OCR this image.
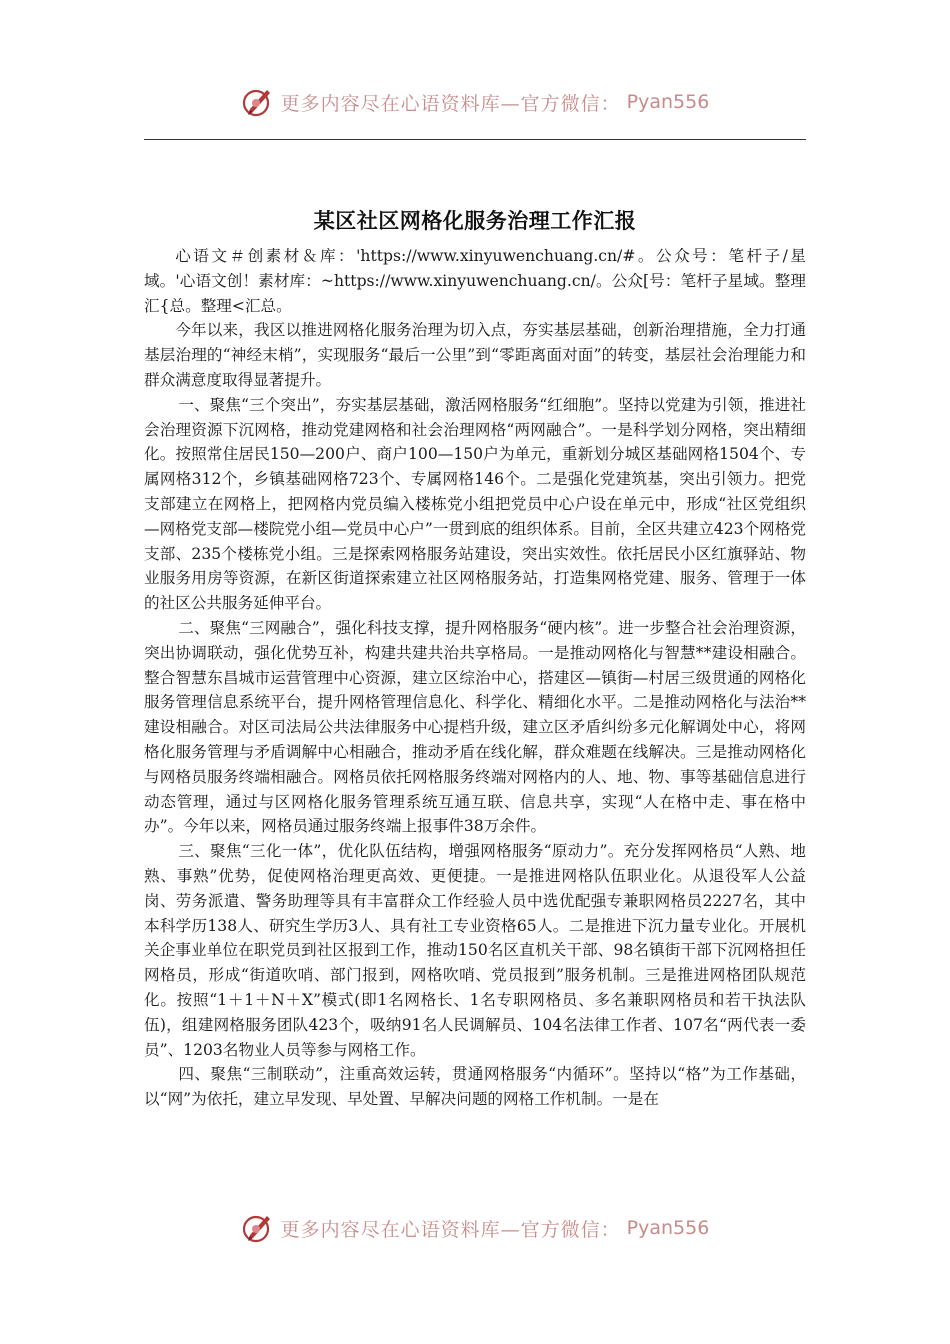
更多内容尽在心语资料库—官方微信： Pyan556
某区社区网格化服务治理工作汇报

心语文＃创素材＆库：'https://www.xinyuwenchuang.cn/#。公众号：笔杆子/星域。'心语文创！素材库：~https://www.xinyuwenchuang.cn/。公众[号：笔杆子星域。整理汇{总。整理<汇总。

今年以来，我区以推进网格化服务治理为切入点，夯实基层基础，创新治理措施，全力打通基层治理的“神经末梢”，实现服务“最后一公里”到“零距离面对面”的转变，基层社会治理能力和群众满意度取得显著提升。

一、聚焦“三个突出”，夯实基层基础，激活网格服务“红细胞”。坚持以党建为引领，推进社会治理资源下沉网格，推动党建网格和社会治理网格“两网融合”。一是科学划分网格，突出精细化。按照常住居民150—200户、商户100—150户为单元，重新划分城区基础网格1504个、专属网格312个，乡镇基础网格723个、专属网格146个。二是强化党建筑基，突出引领力。把党支部建立在网格上，把网格内党员编入楼栋党小组把党员中心户设在单元中，形成“社区党组织—网格党支部—楼院党小组—党员中心户”一贯到底的组织体系。目前，全区共建立423个网格党支部、235个楼栋党小组。三是探索网格服务站建设，突出实效性。依托居民小区红旗驿站、物业服务用房等资源，在新区街道探索建立社区网格服务站，打造集网格党建、服务、管理于一体的社区公共服务延伸平台。

二、聚焦“三网融合”，强化科技支撑，提升网格服务“硬内核”。进一步整合社会治理资源，突出协调联动，强化优势互补，构建共建共治共享格局。一是推动网格化与智慧**建设相融合。整合智慧东昌城市运营管理中心资源，建立区综治中心，搭建区—镇街—村居三级贯通的网格化服务管理信息系统平台，提升网格管理信息化、科学化、精细化水平。二是推动网格化与法治**建设相融合。对区司法局公共法律服务中心提档升级，建立区矛盾纠纷多元化解调处中心，将网格化服务管理与矛盾调解中心相融合，推动矛盾在线化解，群众难题在线解决。三是推动网格化与网格员服务终端相融合。网格员依托网格服务终端对网格内的人、地、物、事等基础信息进行动态管理，通过与区网格化服务管理系统互通互联、信息共享，实现“人在格中走、事在格中办”。今年以来，网格员通过服务终端上报事件38万余件。

三、聚焦“三化一体”，优化队伍结构，增强网格服务“原动力”。充分发挥网格员“人熟、地熟、事熟”优势，促使网格治理更高效、更便捷。一是推进网格队伍职业化。从退役军人公益岗、劳务派遣、警务助理等具有丰富群众工作经验人员中选优配强专兼职网格员2227名，其中本科学历138人、研究生学历3人、具有社工专业资格65人。二是推进下沉力量专业化。开展机关企事业单位在职党员到社区报到工作，推动150名区直机关干部、98名镇街干部下沉网格担任网格员，形成“街道吹哨、部门报到，网格吹哨、党员报到”服务机制。三是推进网格团队规范化。按照“1＋1＋N＋X”模式(即1名网格长、1名专职网格员、多名兼职网格员和若干执法队伍)，组建网格服务团队423个，吸纳91名人民调解员、104名法律工作者、107名“两代表一委员”、1203名物业人员等参与网格工作。

四、聚焦“三制联动”，注重高效运转，贯通网格服务“内循环”。坚持以“格”为工作基础，以“网”为依托，建立早发现、早处置、早解决问题的网格工作机制。一是在

更多内容尽在心语资料库—官方微信： Pyan556
